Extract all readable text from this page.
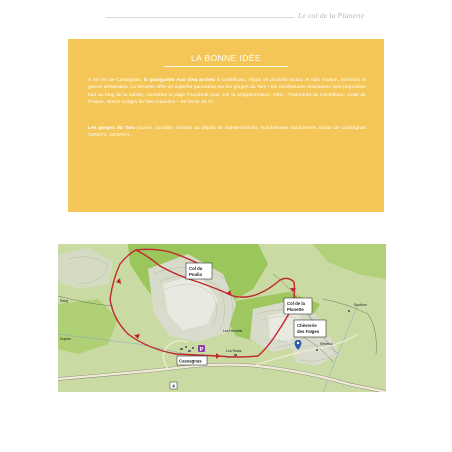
Le col de la Planette
LA BONNE IDÉE
À 40 mn de Cassagnas, la guinguette Aux cinq arches à Castelbouc, repas de produits locaux et faits maison, boissons et glaces artisanales. La terrasse offre un superbe panorama sur les gorges du Tarn ! De nombreuses animations sont proposées tout au long de la saison, consultez la page Facebook pour voir la programmation. Infos : Panorama de Castelbouc, route de Prades, 48210 Gorges du Tarn Causses – 06 26 04 28 37.
Les gorges du Tarn (sauvé, sociable, hérissé au départ de Sainte-Enimie). Nombreuses randonnées autour de Cassagnas (GR67/2, GR1R/A)...
P
Col du
Poulio
Col de la
Planette
Chèvrerie
des Faïges
Cassagnas
Les Hermets
Lou Ruats
Southon
Mézelou
Rang
Duplan
4
